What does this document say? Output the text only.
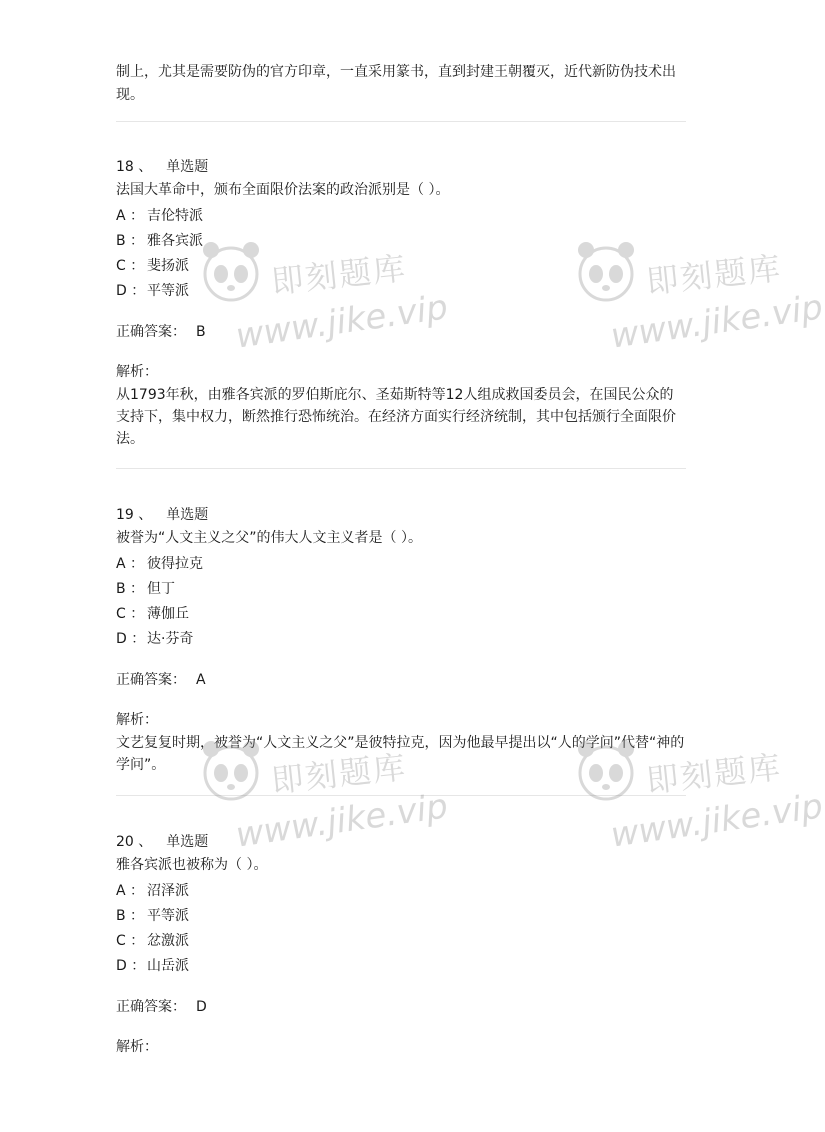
制上，尤其是需要防伪的官方印章，一直采用篆书，直到封建王朝覆灭，近代新防伪技术出现。
18 、 单选题
法国大革命中，颁布全面限价法案的政治派别是（ ）。
A ： 吉伦特派
B ： 雅各宾派
C ： 斐扬派
D ： 平等派
正确答案： B
解析：
从1793年秋，由雅各宾派的罗伯斯庇尔、圣茹斯特等12人组成救国委员会，在国民公众的支持下，集中权力，断然推行恐怖统治。在经济方面实行经济统制，其中包括颁行全面限价法。
19 、 单选题
被誉为“人文主义之父”的伟大人文主义者是（ ）。
A ： 彼得拉克
B ： 但丁
C ： 薄伽丘
D ： 达·芬奇
正确答案： A
解析：
文艺复复时期，被誉为“人文主义之父”是彼特拉克，因为他最早提出以“人的学问”代替“神的学问”。
20 、 单选题
雅各宾派也被称为（ ）。
A ： 沼泽派
B ： 平等派
C ： 忿激派
D ： 山岳派
正确答案： D
解析：
即刻题库
www.jike.vip
即刻题库
www.jike.vip
即刻题库
www.jike.vip
即刻题库
www.jike.vip
